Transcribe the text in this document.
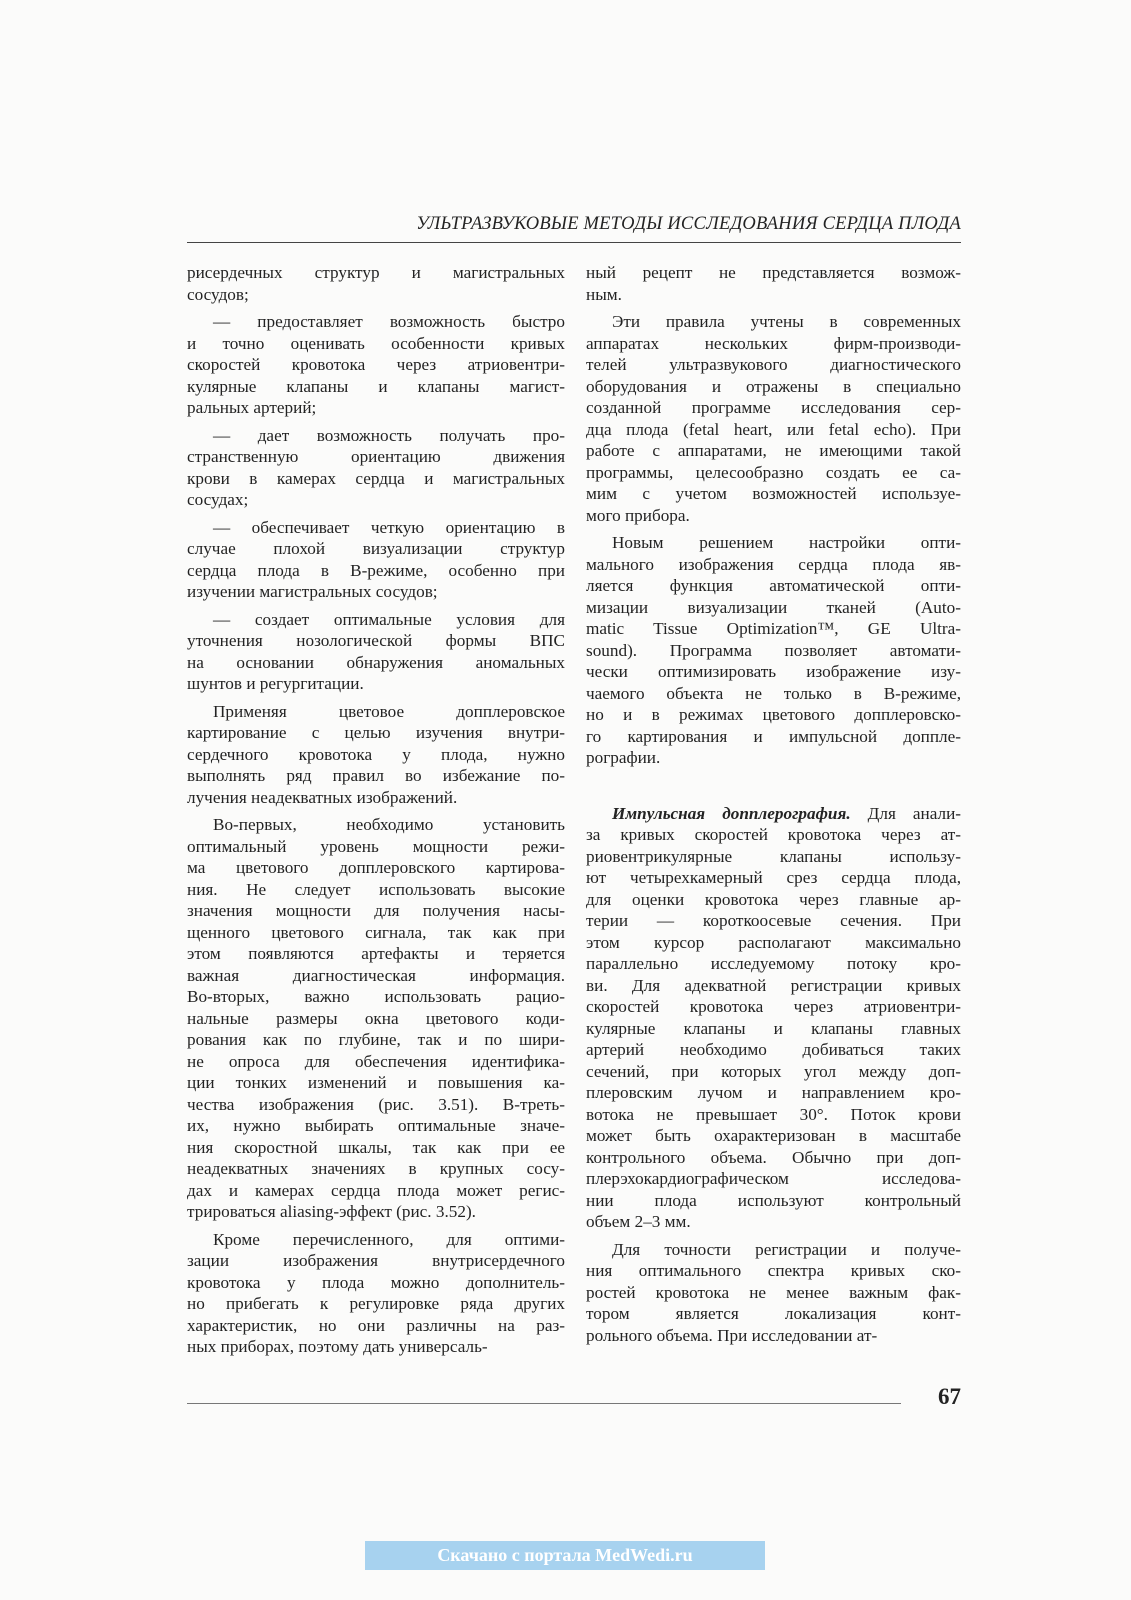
УЛЬТРАЗВУКОВЫЕ МЕТОДЫ ИССЛЕДОВАНИЯ СЕРДЦА ПЛОДА

рисердечных структур и магистральных
сосудов;

— предоставляет возможность быстро
и точно оценивать особенности кривых
скоростей кровотока через атриовентри-
кулярные клапаны и клапаны магист-
ральных артерий;

— дает возможность получать про-
странственную ориентацию движения
крови в камерах сердца и магистральных
сосудах;

— обеспечивает четкую ориентацию в
случае плохой визуализации структур
сердца плода в В-режиме, особенно при
изучении магистральных сосудов;

— создает оптимальные условия для
уточнения нозологической формы ВПС
на основании обнаружения аномальных
шунтов и регургитации.

Применяя цветовое допплеровское
картирование с целью изучения внутри-
сердечного кровотока у плода, нужно
выполнять ряд правил во избежание по-
лучения неадекватных изображений.

Во-первых, необходимо установить
оптимальный уровень мощности режи-
ма цветового допплеровского картирова-
ния. Не следует использовать высокие
значения мощности для получения насы-
щенного цветового сигнала, так как при
этом появляются артефакты и теряется
важная диагностическая информация.
Во-вторых, важно использовать рацио-
нальные размеры окна цветового коди-
рования как по глубине, так и по шири-
не опроса для обеспечения идентифика-
ции тонких изменений и повышения ка-
чества изображения (рис. 3.51). В-треть-
их, нужно выбирать оптимальные значе-
ния скоростной шкалы, так как при ее
неадекватных значениях в крупных сосу-
дах и камерах сердца плода может регис-
трироваться aliasing-эффект (рис. 3.52).

Кроме перечисленного, для оптими-
зации изображения внутрисердечного
кровотока у плода можно дополнитель-
но прибегать к регулировке ряда других
характеристик, но они различны на раз-
ных приборах, поэтому дать универсаль-

ный рецепт не представляется возмож-
ным.

Эти правила учтены в современных
аппаратах нескольких фирм-производи-
телей ультразвукового диагностического
оборудования и отражены в специально
созданной программе исследования сер-
дца плода (fetal heart, или fetal echo). При
работе с аппаратами, не имеющими такой
программы, целесообразно создать ее са-
мим с учетом возможностей используе-
мого прибора.

Новым решением настройки опти-
мального изображения сердца плода яв-
ляется функция автоматической опти-
мизации визуализации тканей (Auto-
matic Tissue Optimization™, GE Ultra-
sound). Программа позволяет автомати-
чески оптимизировать изображение изу-
чаемого объекта не только в В-режиме,
но и в режимах цветового допплеровско-
го картирования и импульсной доппле-
рографии.

Импульсная допплерография. Для анали-
за кривых скоростей кровотока через ат-
риовентрикулярные клапаны использу-
ют четырехкамерный срез сердца плода,
для оценки кровотока через главные ар-
терии — короткоосевые сечения. При
этом курсор располагают максимально
параллельно исследуемому потоку кро-
ви. Для адекватной регистрации кривых
скоростей кровотока через атриовентри-
кулярные клапаны и клапаны главных
артерий необходимо добиваться таких
сечений, при которых угол между доп-
плеровским лучом и направлением кро-
вотока не превышает 30°. Поток крови
может быть охарактеризован в масштабе
контрольного объема. Обычно при доп-
плерэхокардиографическом исследова-
нии плода используют контрольный
объем 2–3 мм.

Для точности регистрации и получе-
ния оптимального спектра кривых ско-
ростей кровотока не менее важным фак-
тором является локализация конт-
рольного объема. При исследовании ат-

67
Скачано с портала MedWedi.ru
